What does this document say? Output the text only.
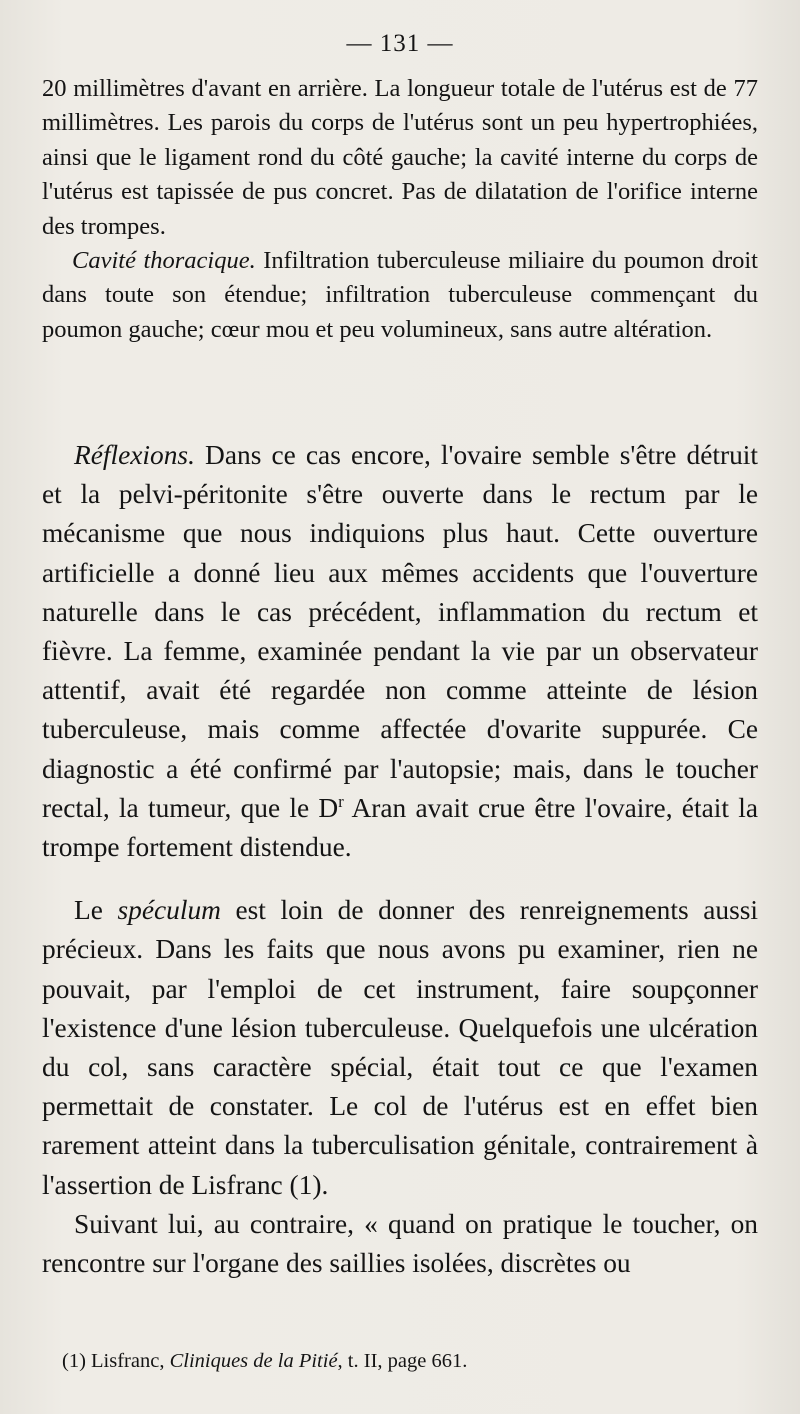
— 131 —

20 millimètres d'avant en arrière. La longueur totale de l'utérus est de 77 millimètres. Les parois du corps de l'utérus sont un peu hypertrophiées, ainsi que le ligament rond du côté gauche; la cavité interne du corps de l'utérus est tapissée de pus concret. Pas de dilatation de l'orifice interne des trompes.

Cavité thoracique. Infiltration tuberculeuse miliaire du poumon droit dans toute son étendue; infiltration tuberculeuse commençant du poumon gauche; cœur mou et peu volumineux, sans autre altération.

Réflexions. Dans ce cas encore, l'ovaire semble s'être détruit et la pelvi-péritonite s'être ouverte dans le rectum par le mécanisme que nous indiquions plus haut. Cette ouverture artificielle a donné lieu aux mêmes accidents que l'ouverture naturelle dans le cas précédent, inflammation du rectum et fièvre. La femme, examinée pendant la vie par un observateur attentif, avait été regardée non comme atteinte de lésion tuberculeuse, mais comme affectée d'ovarite suppurée. Ce diagnostic a été confirmé par l'autopsie; mais, dans le toucher rectal, la tumeur, que le $D^r$ Aran avait crue être l'ovaire, était la trompe fortement distendue.

Le spéculum est loin de donner des renreignements aussi précieux. Dans les faits que nous avons pu examiner, rien ne pouvait, par l'emploi de cet instrument, faire soupçonner l'existence d'une lésion tuberculeuse. Quelquefois une ulcération du col, sans caractère spécial, était tout ce que l'examen permettait de constater. Le col de l'utérus est en effet bien rarement atteint dans la tuberculisation génitale, contrairement à l'assertion de Lisfranc (1).

Suivant lui, au contraire, « quand on pratique le toucher, on rencontre sur l'organe des saillies isolées, discrètes ou

(1) Lisfranc, Cliniques de la Pitié, t. II, page 661.
